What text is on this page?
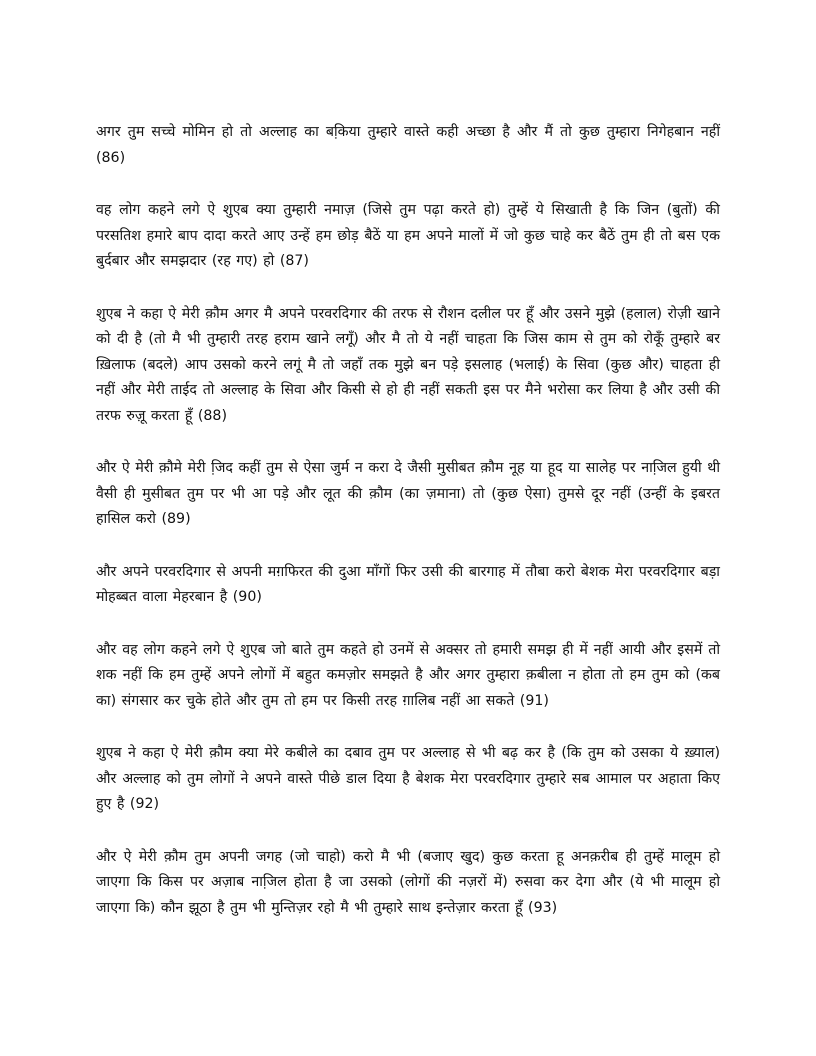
अगर तुम सच्चे मोमिन हो तो अल्लाह का बकि़या तुम्हारे वास्ते कही अच्छा है और मैं तो कुछ तुम्हारा निगेहबान नहीं (86)

वह लोग कहने लगे ऐ शुएब क्या तुम्हारी नमाज़ (जिसे तुम पढ़ा करते हो) तुम्हें ये सिखाती है कि जिन (बुतों) की परसतिश हमारे बाप दादा करते आए उन्हें हम छोड़ बैठें या हम अपने मालों में जो कुछ चाहे कर बैठें तुम ही तो बस एक बुर्दबार और समझदार (रह गए) हो (87)

शुएब ने कहा ऐ मेरी क़ौम अगर मै अपने परवरदिगार की तरफ से रौशन दलील पर हूँ और उसने मुझे (हलाल) रोज़ी खाने को दी है (तो मै भी तुम्हारी तरह हराम खाने लगूँ) और मै तो ये नहीं चाहता कि जिस काम से तुम को रोकूँ तुम्हारे बर ख़िलाफ (बदले) आप उसको करने लगूं मै तो जहाँ तक मुझे बन पड़े इसलाह (भलाई) के सिवा (कुछ और) चाहता ही नहीं और मेरी ताईद तो अल्लाह के सिवा और किसी से हो ही नहीं सकती इस पर मैने भरोसा कर लिया है और उसी की तरफ रुजू़ करता हूँ (88)

और ऐ मेरी क़ौमे मेरी जि़द कहीं तुम से ऐसा जुर्म न करा दे जैसी मुसीबत क़ौम नूह या हूद या सालेह पर नाजि़ल हुयी थी वैसी ही मुसीबत तुम पर भी आ पड़े और लूत की क़ौम (का ज़माना) तो (कुछ ऐसा) तुमसे दूर नहीं (उन्हीं के इबरत हासिल करो (89)

और अपने परवरदिगार से अपनी मग़फिरत की दुआ माँगों फिर उसी की बारगाह में तौबा करो बेशक मेरा परवरदिगार बड़ा मोहब्बत वाला मेहरबान है (90)

और वह लोग कहने लगे ऐ शुएब जो बाते तुम कहते हो उनमें से अक्सर तो हमारी समझ ही में नहीं आयी और इसमें तो शक नहीं कि हम तुम्हें अपने लोगों में बहुत कमज़ोर समझते है और अगर तुम्हारा क़बीला न होता तो हम तुम को (कब का) संगसार कर चुके होते और तुम तो हम पर किसी तरह ग़ालिब नहीं आ सकते (91)

शुएब ने कहा ऐ मेरी क़ौम क्या मेरे कबीले का दबाव तुम पर अल्लाह से भी बढ़ कर है (कि तुम को उसका ये ख़्याल) और अल्लाह को तुम लोगों ने अपने वास्ते पीछे डाल दिया है बेशक मेरा परवरदिगार तुम्हारे सब आमाल पर अहाता किए हुए है (92)

और ऐ मेरी क़ौम तुम अपनी जगह (जो चाहो) करो मै भी (बजाए खुद) कुछ करता हू अनक़रीब ही तुम्हें मालूम हो जाएगा कि किस पर अज़ाब नाजि़ल होता है जा उसको (लोगों की नज़रों में) रुसवा कर देगा और (ये भी मालूम हो जाएगा कि) कौन झूठा है तुम भी मुन्तिज़र रहो मै भी तुम्हारे साथ इन्तेज़ार करता हूँ (93)
